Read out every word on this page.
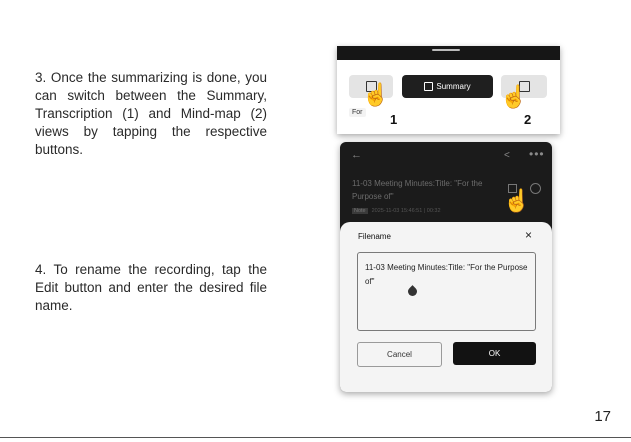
3. Once the summarizing is done, you can switch between the Summary, Transcription (1) and Mind-map (2) views by tapping the respective buttons.

4. To rename the recording, tap the Edit button and enter the desired file name.

Summary
For
☝
1
☝
2
←	< •••
11-03 Meeting Minutes:Title: "For the Purpose of"
Note 2025-11-03 15:46:51 | 00:32
Filename	×
11-03 Meeting Minutes:Title: "For the Purpose of"
Cancel	OK
☝
17
